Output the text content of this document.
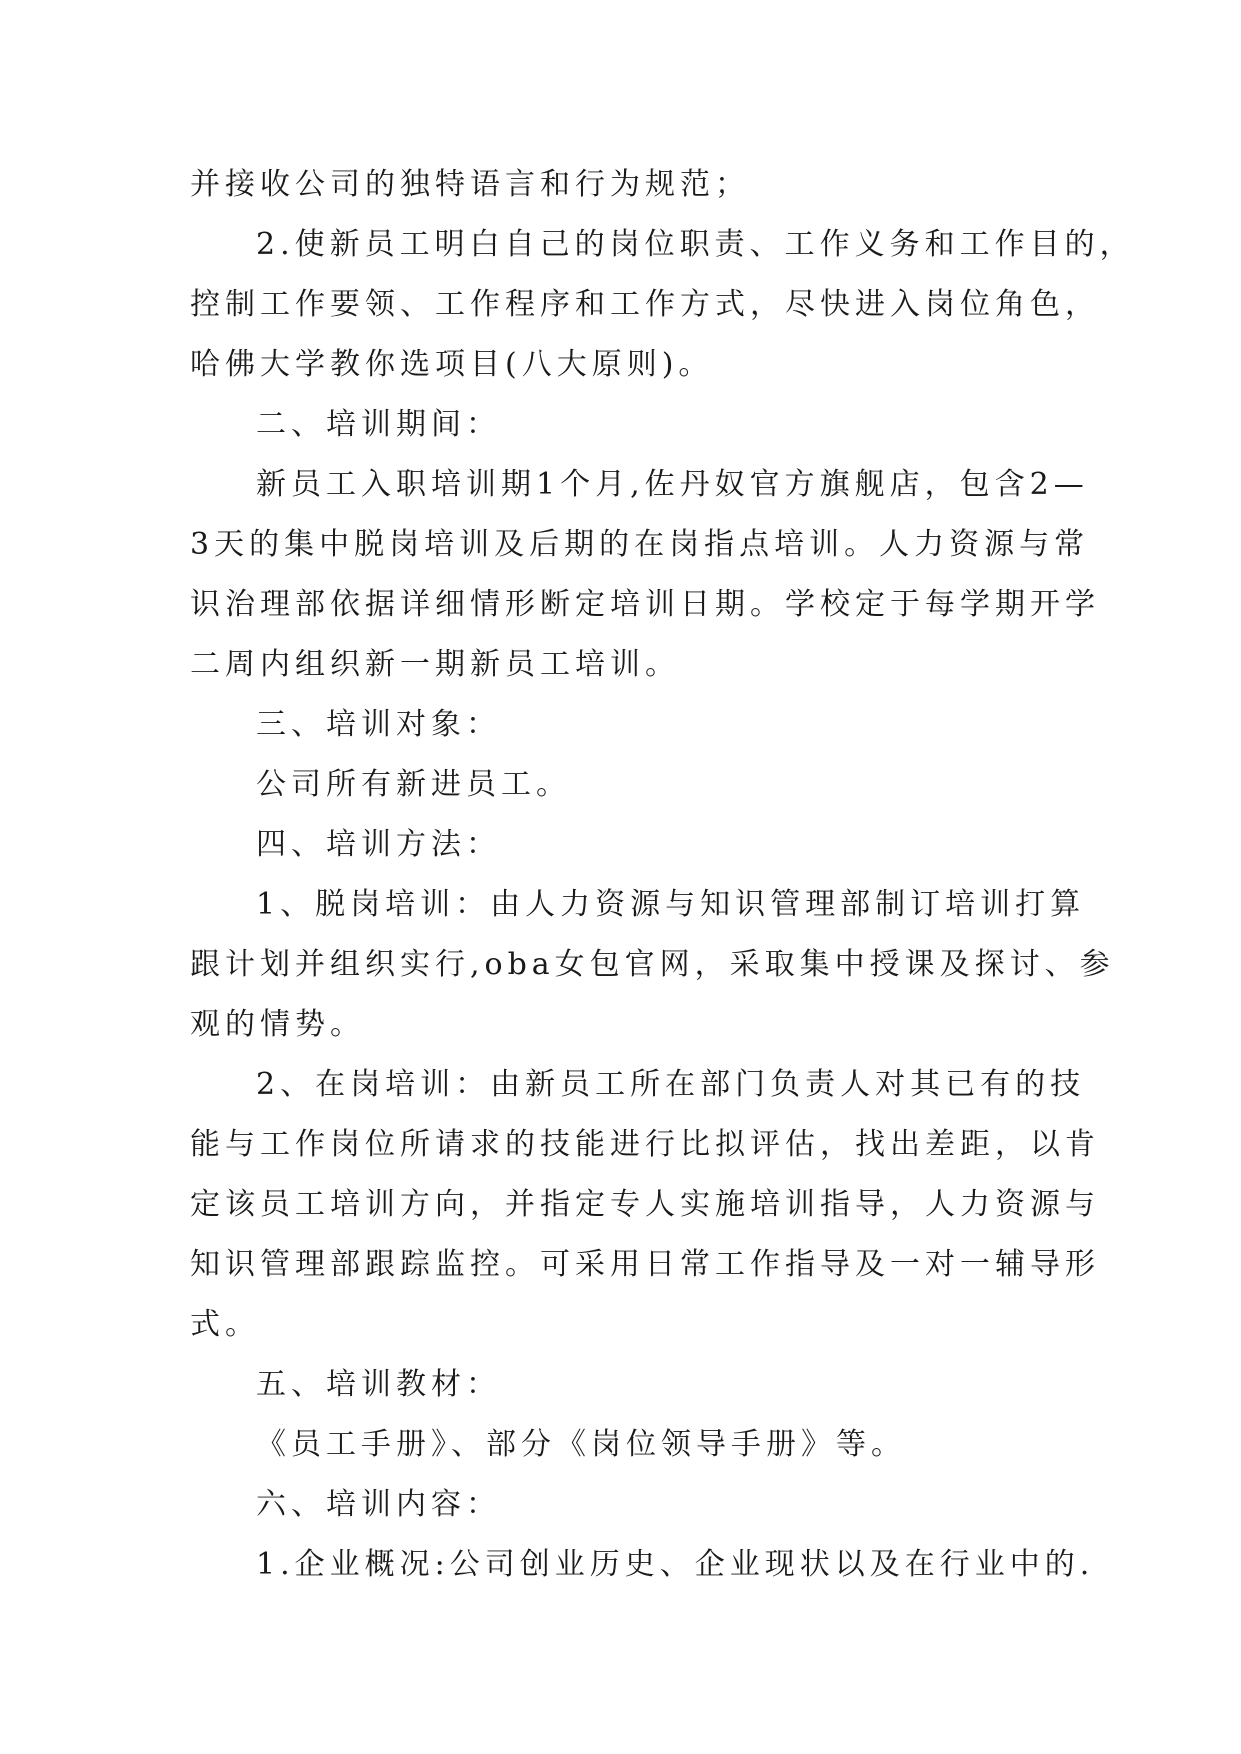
并接收公司的独特语言和行为规范；
2.使新员工明白自己的岗位职责、工作义务和工作目的，
控制工作要领、工作程序和工作方式，尽快进入岗位角色，
哈佛大学教你选项目(八大原则)。
二、培训期间：
新员工入职培训期1个月,佐丹奴官方旗舰店，包含2—
3天的集中脱岗培训及后期的在岗指点培训。人力资源与常
识治理部依据详细情形断定培训日期。学校定于每学期开学
二周内组织新一期新员工培训。
三、培训对象：
公司所有新进员工。
四、培训方法：
1、脱岗培训：由人力资源与知识管理部制订培训打算
跟计划并组织实行,oba女包官网，采取集中授课及探讨、参
观的情势。
2、在岗培训：由新员工所在部门负责人对其已有的技
能与工作岗位所请求的技能进行比拟评估，找出差距，以肯
定该员工培训方向，并指定专人实施培训指导，人力资源与
知识管理部跟踪监控。可采用日常工作指导及一对一辅导形
式。
五、培训教材：
《员工手册》、部分《岗位领导手册》等。
六、培训内容：
1.企业概况:公司创业历史、企业现状以及在行业中的.
